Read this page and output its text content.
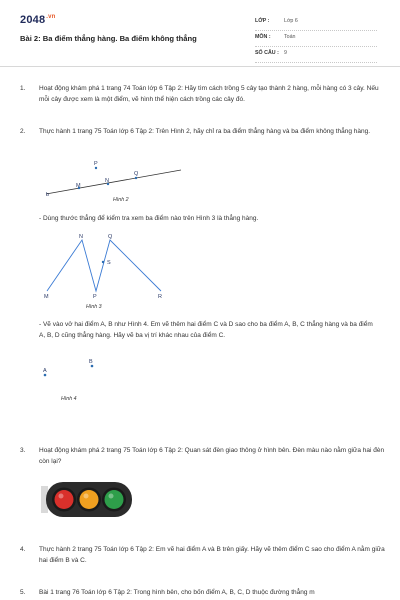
$2048^{.vn}$
Bài 2: Ba điểm thẳng hàng. Ba điểm không thẳng
LỚP :	Lớp 6
MÔN :	Toán
SỐ CÂU : 9
1. Hoạt động khám phá 1 trang 74 Toán lớp 6 Tập 2: Hãy tìm cách trồng 5 cây tạo thành 2 hàng, mỗi hàng có 3 cây. Nếu mỗi cây được xem là một điểm, vẽ hình thể hiện cách trồng các cây đó.
2. Thực hành 1 trang 75 Toán lớp 6 Tập 2: Trên Hình 2, hãy chỉ ra ba điểm thẳng hàng và ba điểm không thẳng hàng.
P
b
M
N
Q
Hình 2
- Dùng thước thẳng để kiểm tra xem ba điểm nào trên Hình 3 là thẳng hàng.
N	Q
S
M	P	R
Hình 3
- Vẽ vào vở hai điểm A, B như Hình 4. Em vẽ thêm hai điểm C và D sao cho ba điểm A, B, C thẳng hàng và ba điểm A, B, D cũng thẳng hàng. Hãy vẽ ba vị trí khác nhau của điểm C.
A
B
Hình 4
3. Hoạt động khám phá 2 trang 75 Toán lớp 6 Tập 2: Quan sát đèn giao thông ở hình bên. Đèn màu nào nằm giữa hai đèn còn lại?
4. Thực hành 2 trang 75 Toán lớp 6 Tập 2: Em vẽ hai điểm A và B trên giấy. Hãy vẽ thêm điểm C sao cho điểm A nằm giữa hai điểm B và C.
5. Bài 1 trang 76 Toán lớp 6 Tập 2: Trong hình bên, cho bốn điểm A, B, C, D thuộc đường thẳng m
